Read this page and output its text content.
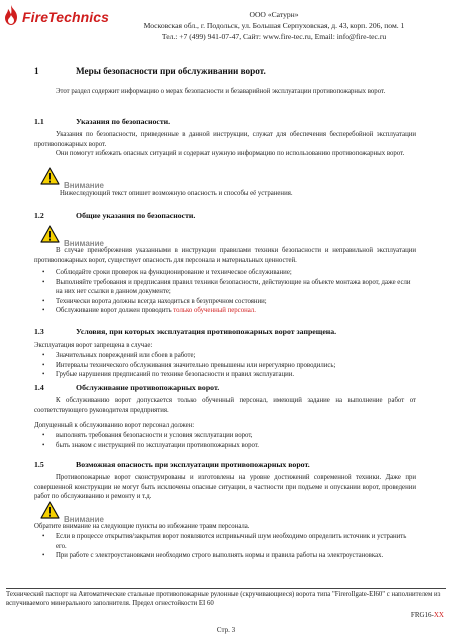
FireTechnics	ООО «Сатурн»
Московская обл., г. Подольск, ул. Большая Серпуховская, д. 43, корп. 206, пом. 1
Тел.: +7 (499) 941-07-47, Сайт: www.fire-tec.ru, Email: info@fire-tec.ru
1	Меры безопасности при обслуживании ворот.
Этот раздел содержит информацию о мерах безопасности и безаварийной эксплуатации противопожарных ворот.
1.1	Указания по безопасности.
Указания по безопасности, приведенные в данной инструкции, служат для обеспечения бесперебойной эксплуатации противопожарных ворот.
Они помогут избежать опасных ситуаций и содержат нужную информацию по использованию противопожарных ворот.
Внимание
Нижеследующий текст опишет возможную опасность и способы её устранения.
1.2	Общие указания по безопасности.
Внимание
В случае пренебрежения указанными в инструкции правилами техники безопасности и неправильной эксплуатации противопожарных ворот, существует опасность для персонала и материальных ценностей.
• Соблюдайте сроки проверок на функционирование и техническое обслуживание;
• Выполняйте требования и предписания правил техники безопасности, действующие на объекте монтажа ворот, даже если на них нет ссылки в данном документе;
• Технически ворота должны всегда находиться в безупречном состоянии;
• Обслуживание ворот должен проводить только обученный персонал.
1.3	Условия, при которых эксплуатация противопожарных ворот запрещена.
Эксплуатация ворот запрещена в случае:
• Значительных повреждений или сбоев в работе;
• Интервалы технического обслуживания значительно превышены или нерегулярно проводились;
• Грубые нарушения предписаний по технике безопасности и правил эксплуатации.
1.4	Обслуживание противопожарных ворот.
К обслуживанию ворот допускается только обученный персонал, имеющий задание на выполнение работ от соответствующего руководителя предприятия.
Допущенный к обслуживанию ворот персонал должен:
• выполнять требования безопасности и условия эксплуатации ворот,
• быть знаком с инструкцией по эксплуатации противопожарных ворот.
1.5	Возможная опасность при эксплуатации противопожарных ворот.
Противопожарные ворот сконструированы и изготовлены на уровне достижений современной техники. Даже при совершенной конструкции не могут быть исключены опасные ситуации, в частности при подъеме и опускании ворот, проведении работ по обслуживанию и ремонту и т.д.
Внимание
Обратите внимание на следующие пункты во избежание травм персонала.
• Если в процессе открытия/закрытия ворот появляются испривычный шум необходимо определить источник и устранить его.
• При работе с электроустановками необходимо строго выполнять нормы и правила работы на электроустановках.
Технический паспорт на Автоматические стальные противопожарные рулонные (скручивающиеся) ворота типа "FireroIlgate-EI60" с наполнителем из вспучиваемого минерального заполнителя. Предел огнестойкости EI 60
FRG16-XX
Стр. 3
